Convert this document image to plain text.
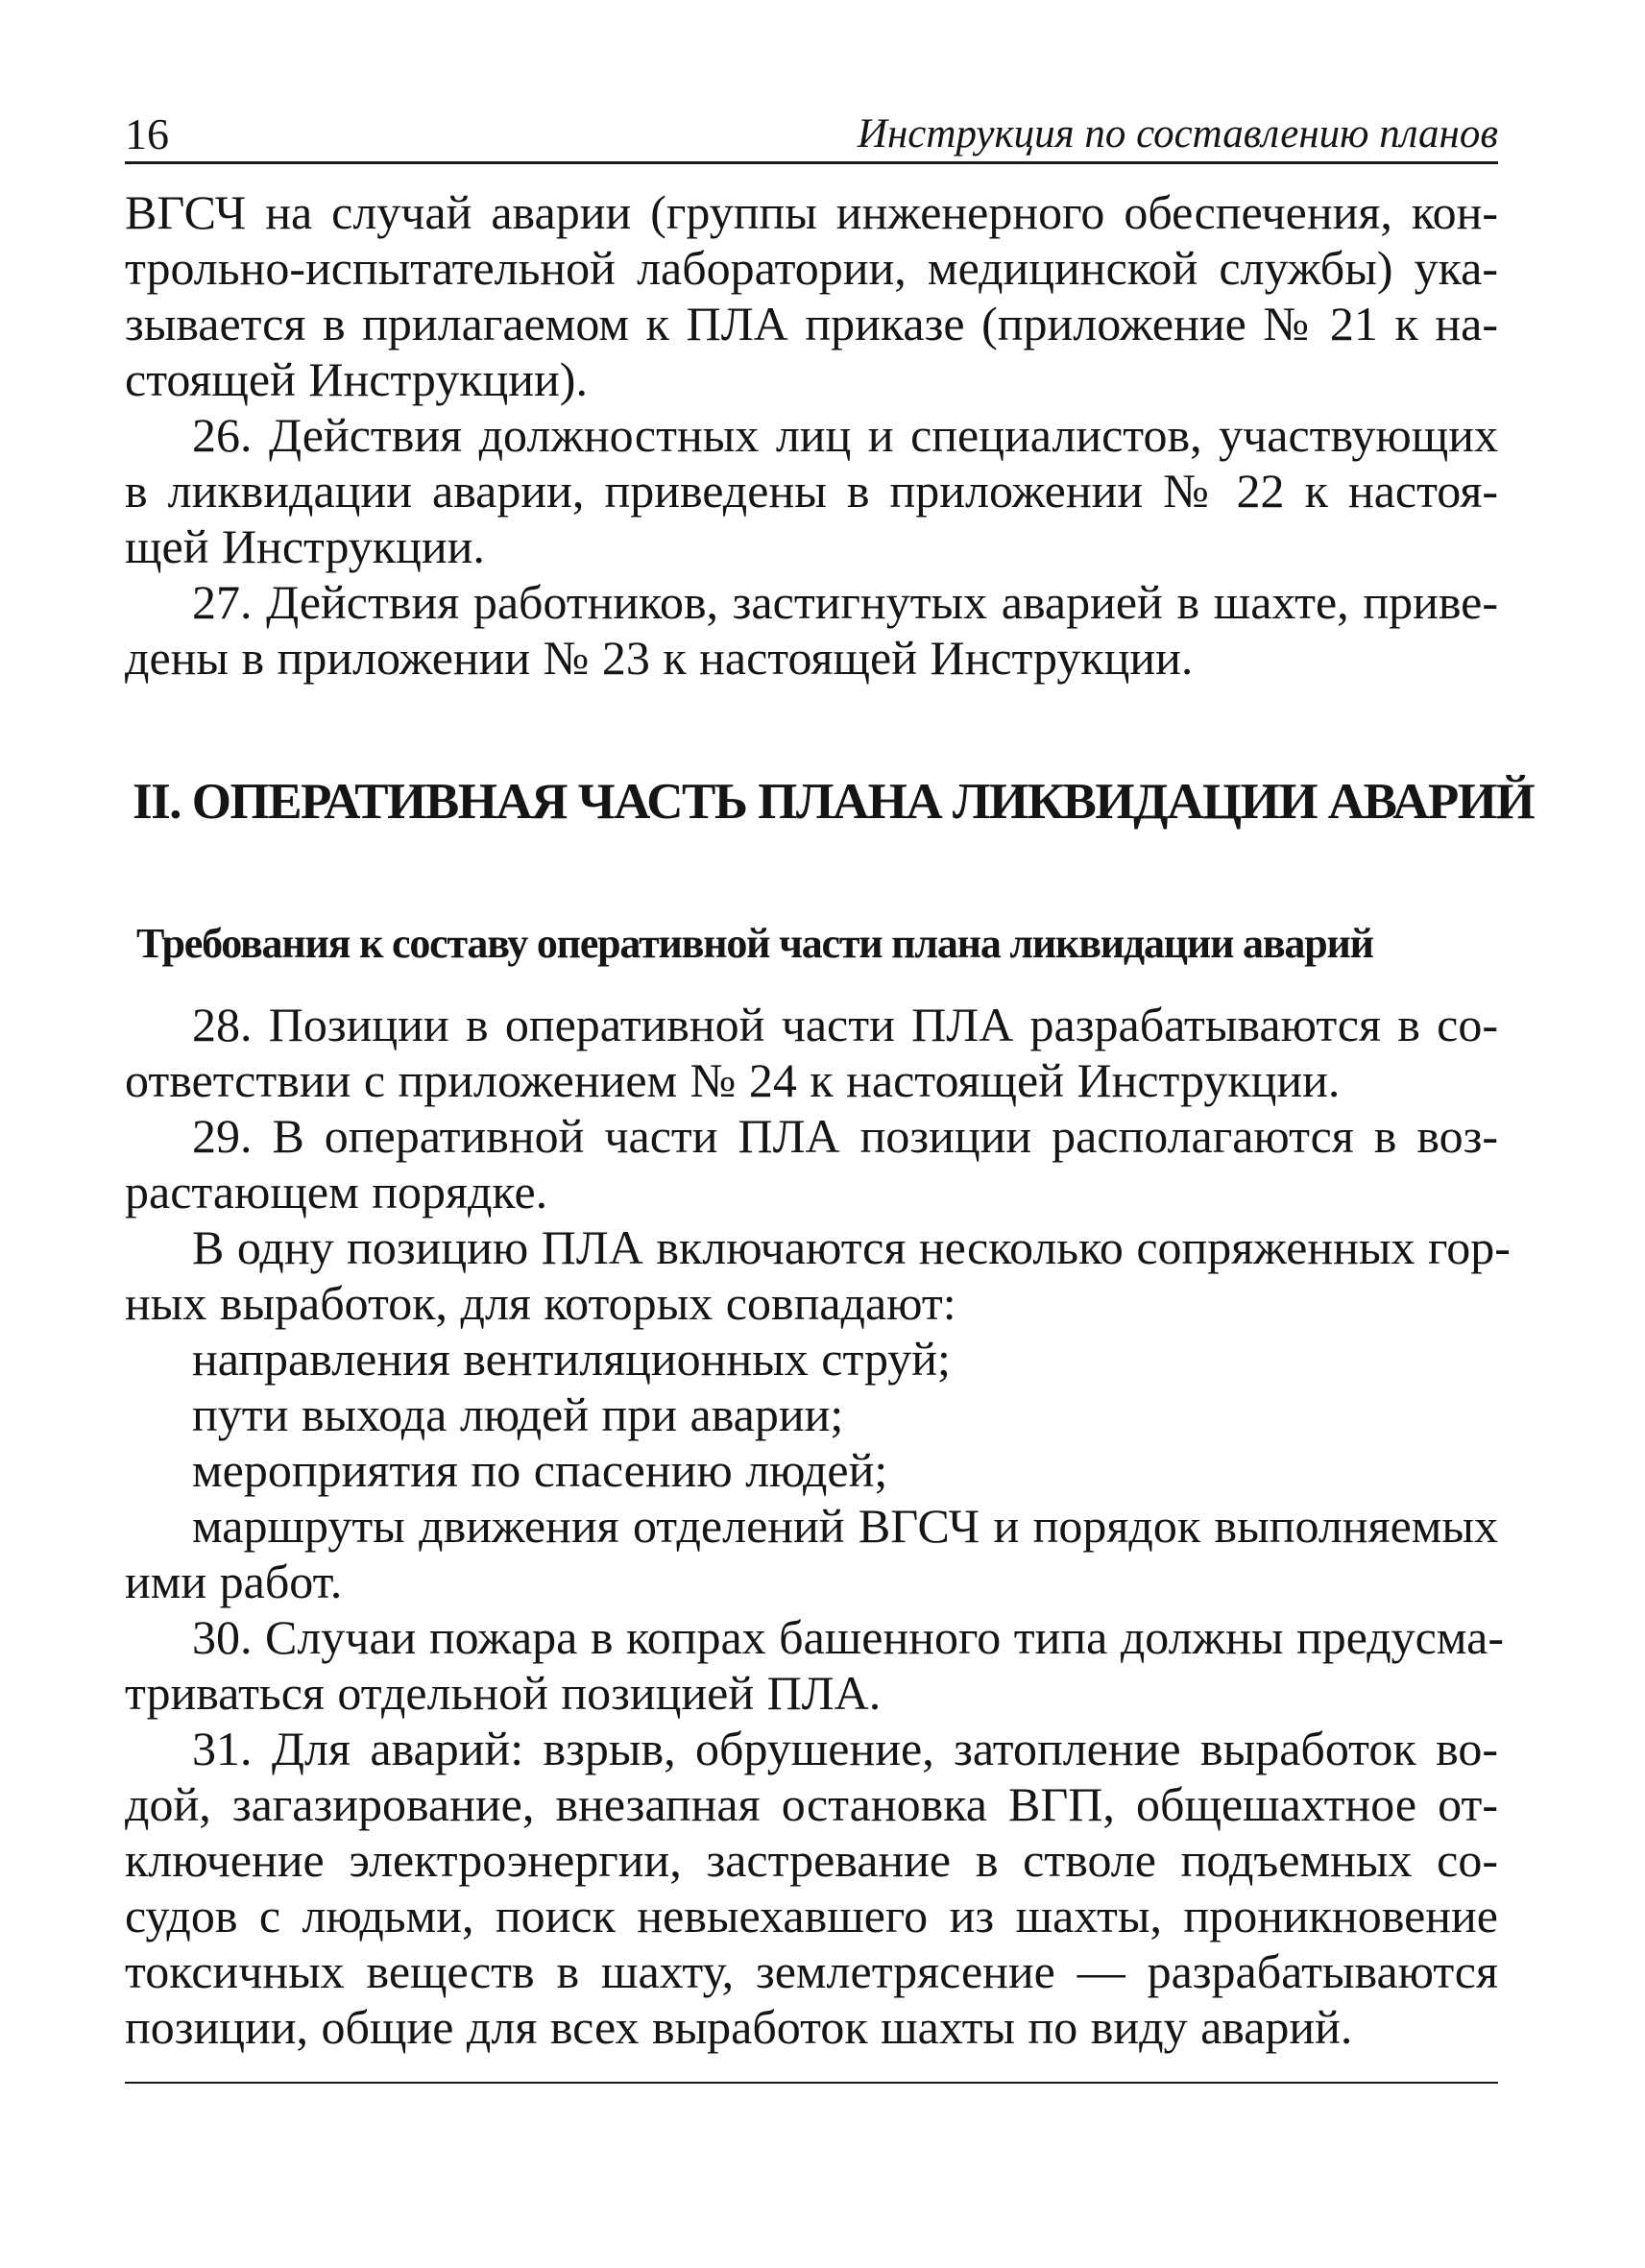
16	Инструкция по составлению планов
ВГСЧ на случай аварии (группы инженерного обеспечения, кон-
трольно-испытательной лаборатории, медицинской службы) ука-
зывается в прилагаемом к ПЛА приказе (приложение № 21 к на-
стоящей Инструкции).
26. Действия должностных лиц и специалистов, участвующих
в ликвидации аварии, приведены в приложении № 22 к настоя-
щей Инструкции.
27. Действия работников, застигнутых аварией в шахте, приве-
дены в приложении № 23 к настоящей Инструкции.
II. ОПЕРАТИВНАЯ ЧАСТЬ ПЛАНА ЛИКВИДАЦИИ АВАРИЙ
Требования к составу оперативной части плана ликвидации аварий
28. Позиции в оперативной части ПЛА разрабатываются в со-
ответствии с приложением № 24 к настоящей Инструкции.
29. В оперативной части ПЛА позиции располагаются в воз-
растающем порядке.
В одну позицию ПЛА включаются несколько сопряженных гор-
ных выработок, для которых совпадают:
направления вентиляционных струй;
пути выхода людей при аварии;
мероприятия по спасению людей;
маршруты движения отделений ВГСЧ и порядок выполняемых
ими работ.
30. Случаи пожара в копрах башенного типа должны предусма-
триваться отдельной позицией ПЛА.
31. Для аварий: взрыв, обрушение, затопление выработок во-
дой, загазирование, внезапная остановка ВГП, общешахтное от-
ключение электроэнергии, застревание в стволе подъемных со-
судов с людьми, поиск невыехавшего из шахты, проникновение
токсичных веществ в шахту, землетрясение — разрабатываются
позиции, общие для всех выработок шахты по виду аварий.
